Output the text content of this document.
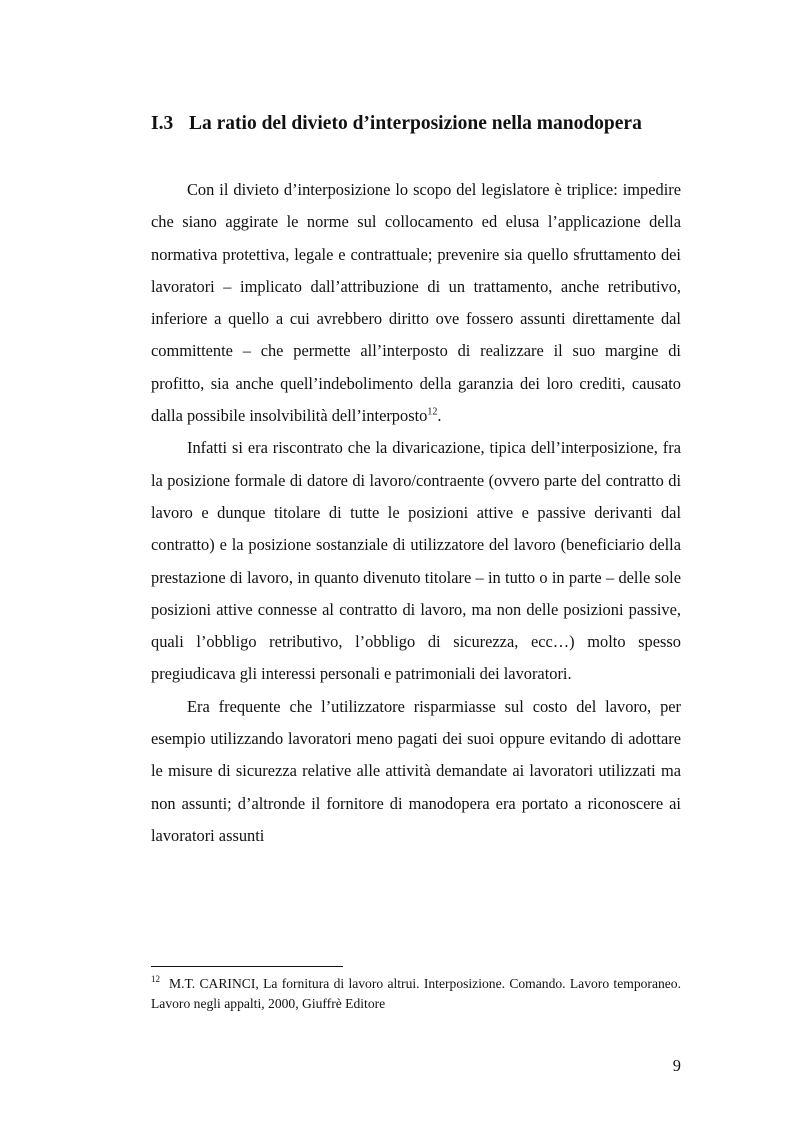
I.3 La ratio del divieto d’interposizione nella manodopera

Con il divieto d’interposizione lo scopo del legislatore è triplice: impedire che siano aggirate le norme sul collocamento ed elusa l’applicazione della normativa protettiva, legale e contrattuale; prevenire sia quello sfruttamento dei lavoratori – implicato dall’attribuzione di un trattamento, anche retributivo, inferiore a quello a cui avrebbero diritto ove fossero assunti direttamente dal committente – che permette all’interposto di realizzare il suo margine di profitto, sia anche quell’indebolimento della garanzia dei loro crediti, causato dalla possibile insolvibilità dell’interposto$^{12}$.

Infatti si era riscontrato che la divaricazione, tipica dell’interposizione, fra la posizione formale di datore di lavoro/contraente (ovvero parte del contratto di lavoro e dunque titolare di tutte le posizioni attive e passive derivanti dal contratto) e la posizione sostanziale di utilizzatore del lavoro (beneficiario della prestazione di lavoro, in quanto divenuto titolare – in tutto o in parte – delle sole posizioni attive connesse al contratto di lavoro, ma non delle posizioni passive, quali l’obbligo retributivo, l’obbligo di sicurezza, ecc…) molto spesso pregiudicava gli interessi personali e patrimoniali dei lavoratori.

Era frequente che l’utilizzatore risparmiasse sul costo del lavoro, per esempio utilizzando lavoratori meno pagati dei suoi oppure evitando di adottare le misure di sicurezza relative alle attività demandate ai lavoratori utilizzati ma non assunti; d’altronde il fornitore di manodopera era portato a riconoscere ai lavoratori assunti

$^{12}$ M.T. CARINCI, La fornitura di lavoro altrui. Interposizione. Comando. Lavoro temporaneo. Lavoro negli appalti, 2000, Giuffrè Editore

9
